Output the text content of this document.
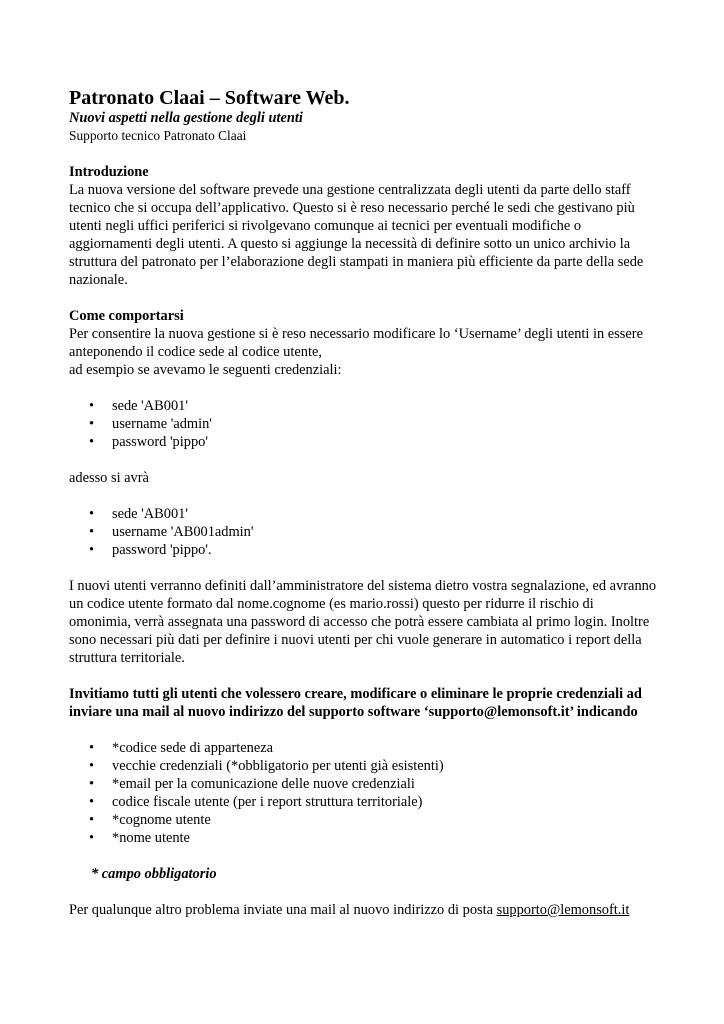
Patronato Claai – Software Web.

Nuovi aspetti nella gestione degli utenti

Supporto tecnico Patronato Claai

Introduzione

La nuova versione del software prevede una gestione centralizzata degli utenti da parte dello staff tecnico che si occupa dell’applicativo. Questo si è reso necessario perché le sedi che gestivano più utenti negli uffici periferici si rivolgevano comunque ai tecnici per eventuali modifiche o aggiornamenti degli utenti. A questo si aggiunge la necessità di definire sotto un unico archivio la struttura del patronato per l’elaborazione degli stampati in maniera più efficiente da parte della sede nazionale.

Come comportarsi

Per consentire la nuova gestione si è reso necessario modificare lo ‘Username’ degli utenti in essere anteponendo il codice sede al codice utente,

ad esempio se avevamo le seguenti credenziali:

• sede 'AB001'
• username 'admin'
• password 'pippo'

adesso si avrà

• sede 'AB001'
• username 'AB001admin'
• password 'pippo'.

I nuovi utenti verranno definiti dall’amministratore del sistema dietro vostra segnalazione, ed avranno un codice utente formato dal nome.cognome (es mario.rossi) questo per ridurre il rischio di omonimia, verrà assegnata una password di accesso che potrà essere cambiata al primo login. Inoltre sono necessari più dati per definire i nuovi utenti per chi vuole generare in automatico i report della struttura territoriale.

Invitiamo tutti gli utenti che volessero creare, modificare o eliminare le proprie credenziali ad inviare una mail al nuovo indirizzo del supporto software ‘supporto@lemonsoft.it’ indicando

• *codice sede di apparteneza
• vecchie credenziali (*obbligatorio per utenti già esistenti)
• *email per la comunicazione delle nuove credenziali
• codice fiscale utente (per i report struttura territoriale)
• *cognome utente
• *nome utente

* campo obbligatorio

Per qualunque altro problema inviate una mail al nuovo indirizzo di posta supporto@lemonsoft.it
